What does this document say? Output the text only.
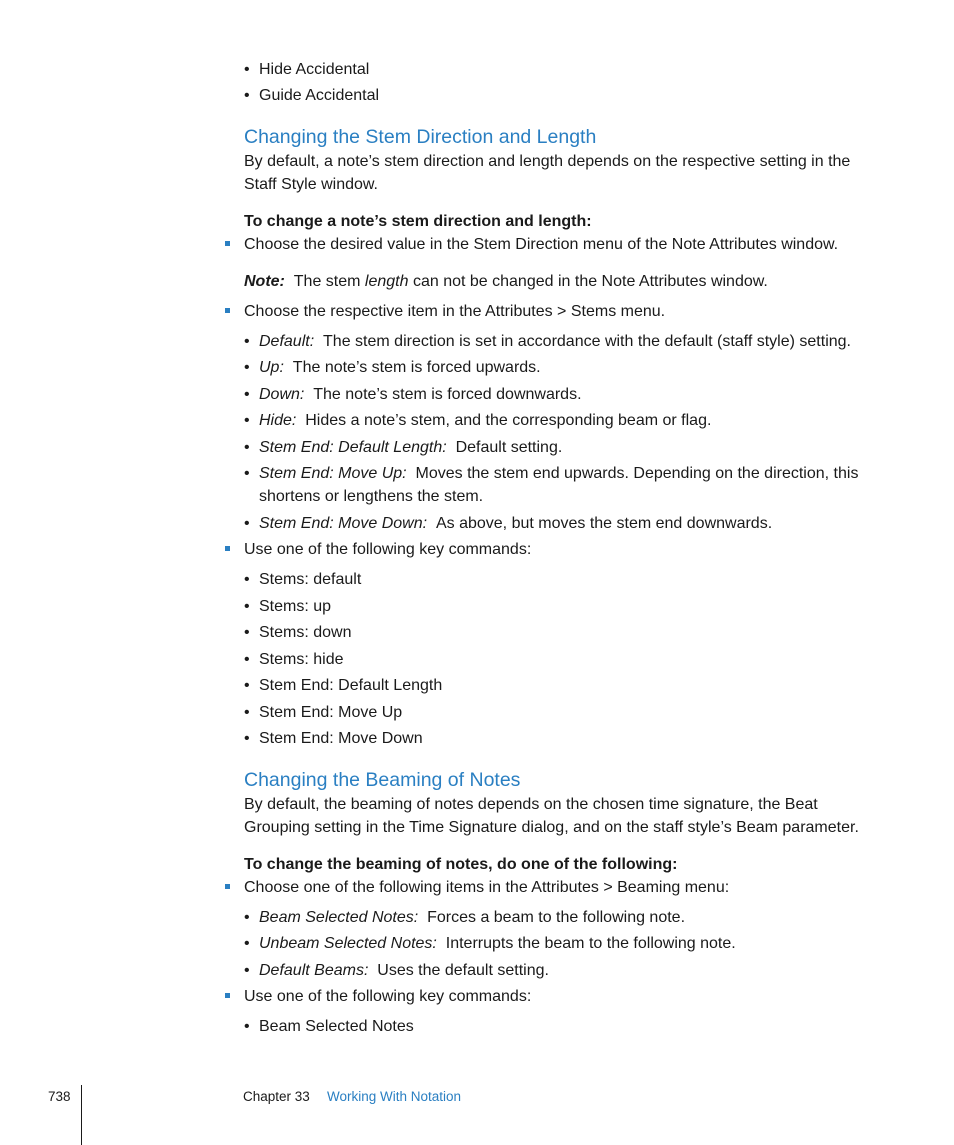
• Hide Accidental
• Guide Accidental
Changing the Stem Direction and Length
By default, a note’s stem direction and length depends on the respective setting in the
Staff Style window.
To change a note’s stem direction and length:
Choose the desired value in the Stem Direction menu of the Note Attributes window.
Note: The stem length can not be changed in the Note Attributes window.
Choose the respective item in the Attributes > Stems menu.
• Default: The stem direction is set in accordance with the default (staff style) setting.
• Up: The note’s stem is forced upwards.
• Down: The note’s stem is forced downwards.
• Hide: Hides a note’s stem, and the corresponding beam or flag.
• Stem End: Default Length: Default setting.
• Stem End: Move Up: Moves the stem end upwards. Depending on the direction, this
shortens or lengthens the stem.
• Stem End: Move Down: As above, but moves the stem end downwards.
Use one of the following key commands:
• Stems: default
• Stems: up
• Stems: down
• Stems: hide
• Stem End: Default Length
• Stem End: Move Up
• Stem End: Move Down
Changing the Beaming of Notes
By default, the beaming of notes depends on the chosen time signature, the Beat
Grouping setting in the Time Signature dialog, and on the staff style’s Beam parameter.
To change the beaming of notes, do one of the following:
Choose one of the following items in the Attributes > Beaming menu:
• Beam Selected Notes: Forces a beam to the following note.
• Unbeam Selected Notes: Interrupts the beam to the following note.
• Default Beams: Uses the default setting.
Use one of the following key commands:
• Beam Selected Notes
738	Chapter 33 Working With Notation
